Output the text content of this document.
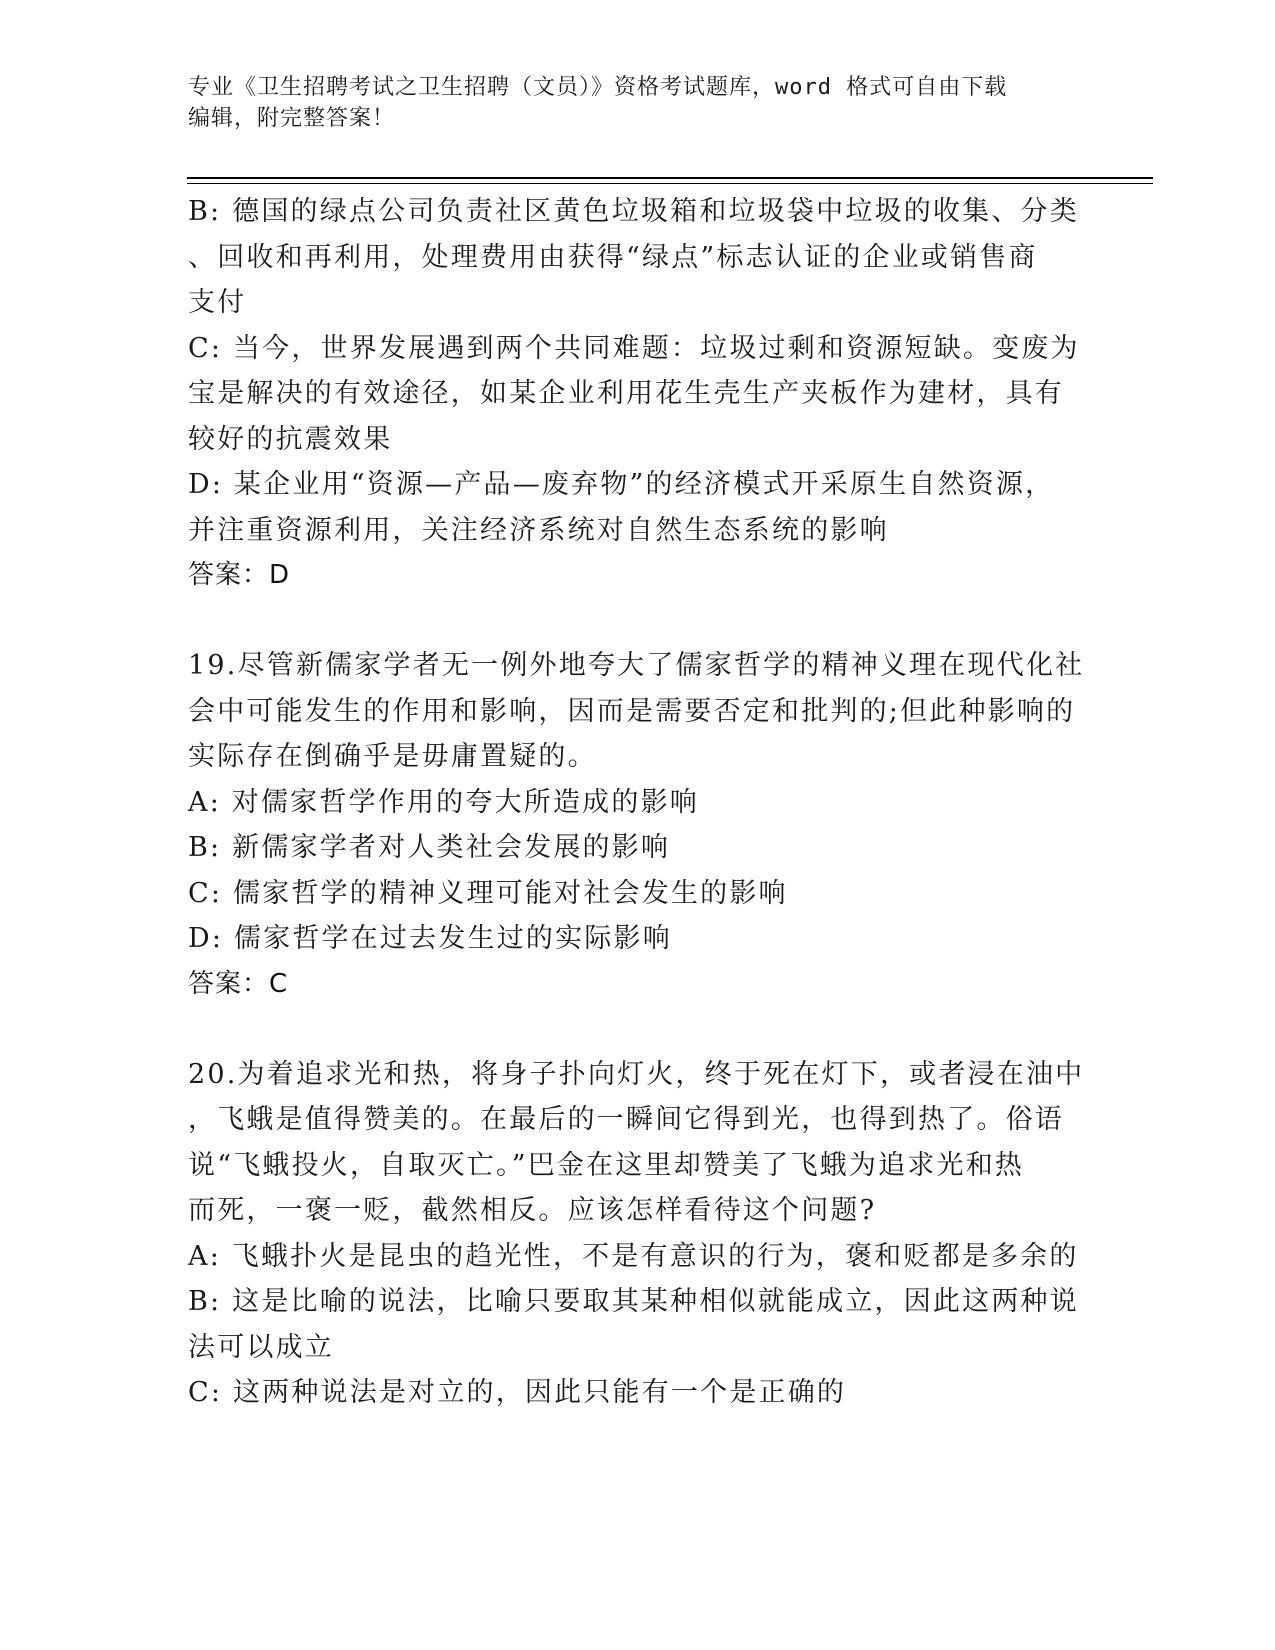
专业《卫生招聘考试之卫生招聘（文员）》资格考试题库，word 格式可自由下载
编辑，附完整答案！

B: 德国的绿点公司负责社区黄色垃圾箱和垃圾袋中垃圾的收集、分类

、回收和再利用，处理费用由获得“绿点”标志认证的企业或销售商

支付

C: 当今，世界发展遇到两个共同难题：垃圾过剩和资源短缺。变废为

宝是解决的有效途径，如某企业利用花生壳生产夹板作为建材，具有

较好的抗震效果

D: 某企业用“资源—产品—废弃物”的经济模式开采原生自然资源，

并注重资源利用，关注经济系统对自然生态系统的影响

答案：D

19.尽管新儒家学者无一例外地夸大了儒家哲学的精神义理在现代化社

会中可能发生的作用和影响，因而是需要否定和批判的;但此种影响的

实际存在倒确乎是毋庸置疑的。

A: 对儒家哲学作用的夸大所造成的影响

B: 新儒家学者对人类社会发展的影响

C: 儒家哲学的精神义理可能对社会发生的影响

D: 儒家哲学在过去发生过的实际影响

答案：C

20.为着追求光和热，将身子扑向灯火，终于死在灯下，或者浸在油中

，飞蛾是值得赞美的。在最后的一瞬间它得到光，也得到热了。俗语

说“飞蛾投火，自取灭亡。”巴金在这里却赞美了飞蛾为追求光和热

而死，一褒一贬，截然相反。应该怎样看待这个问题?

A: 飞蛾扑火是昆虫的趋光性，不是有意识的行为，褒和贬都是多余的

B: 这是比喻的说法，比喻只要取其某种相似就能成立，因此这两种说

法可以成立

C: 这两种说法是对立的，因此只能有一个是正确的
